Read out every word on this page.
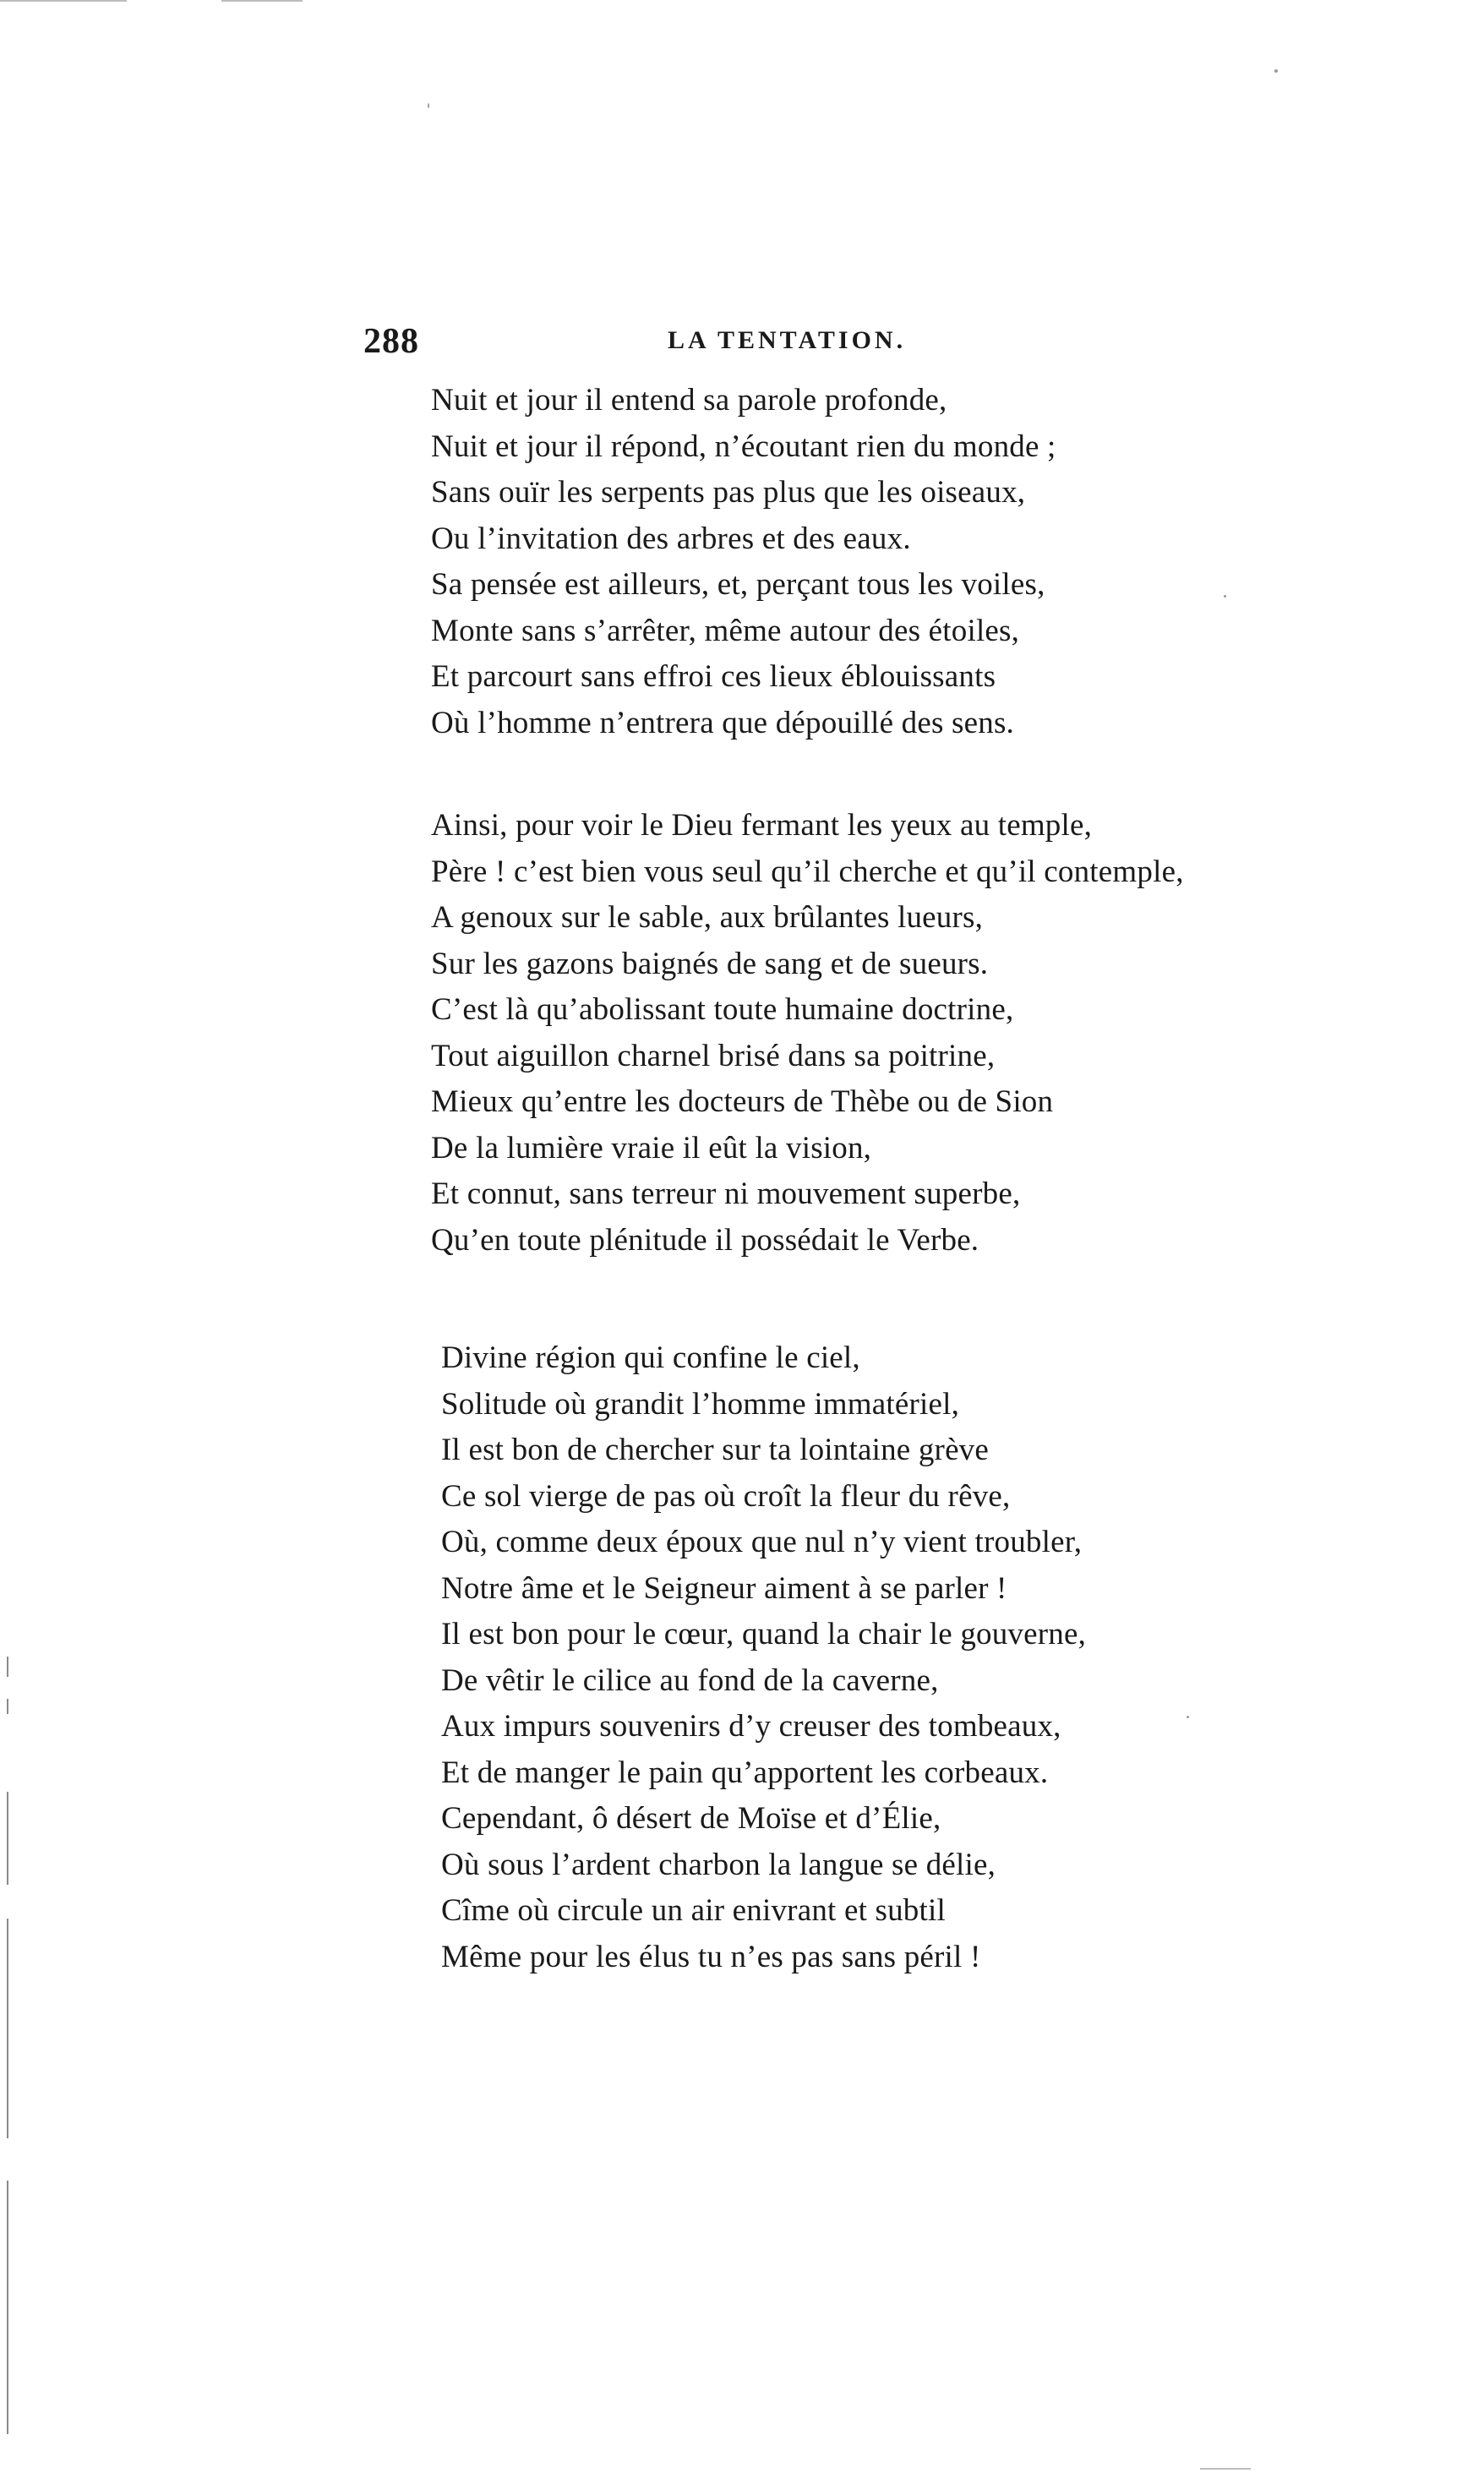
288	LA TENTATION.
Nuit et jour il entend sa parole profonde,
Nuit et jour il répond, n’écoutant rien du monde ;
Sans ouïr les serpents pas plus que les oiseaux,
Ou l’invitation des arbres et des eaux.
Sa pensée est ailleurs, et, perçant tous les voiles,
Monte sans s’arrêter, même autour des étoiles,
Et parcourt sans effroi ces lieux éblouissants
Où l’homme n’entrera que dépouillé des sens.
Ainsi, pour voir le Dieu fermant les yeux au temple,
Père ! c’est bien vous seul qu’il cherche et qu’il contemple,
A genoux sur le sable, aux brûlantes lueurs,
Sur les gazons baignés de sang et de sueurs.
C’est là qu’abolissant toute humaine doctrine,
Tout aiguillon charnel brisé dans sa poitrine,
Mieux qu’entre les docteurs de Thèbe ou de Sion
De la lumière vraie il eût la vision,
Et connut, sans terreur ni mouvement superbe,
Qu’en toute plénitude il possédait le Verbe.
Divine région qui confine le ciel,
Solitude où grandit l’homme immatériel,
Il est bon de chercher sur ta lointaine grève
Ce sol vierge de pas où croît la fleur du rêve,
Où, comme deux époux que nul n’y vient troubler,
Notre âme et le Seigneur aiment à se parler !
Il est bon pour le cœur, quand la chair le gouverne,
De vêtir le cilice au fond de la caverne,
Aux impurs souvenirs d’y creuser des tombeaux,
Et de manger le pain qu’apportent les corbeaux.
Cependant, ô désert de Moïse et d’Élie,
Où sous l’ardent charbon la langue se délie,
Cîme où circule un air enivrant et subtil
Même pour les élus tu n’es pas sans péril !
